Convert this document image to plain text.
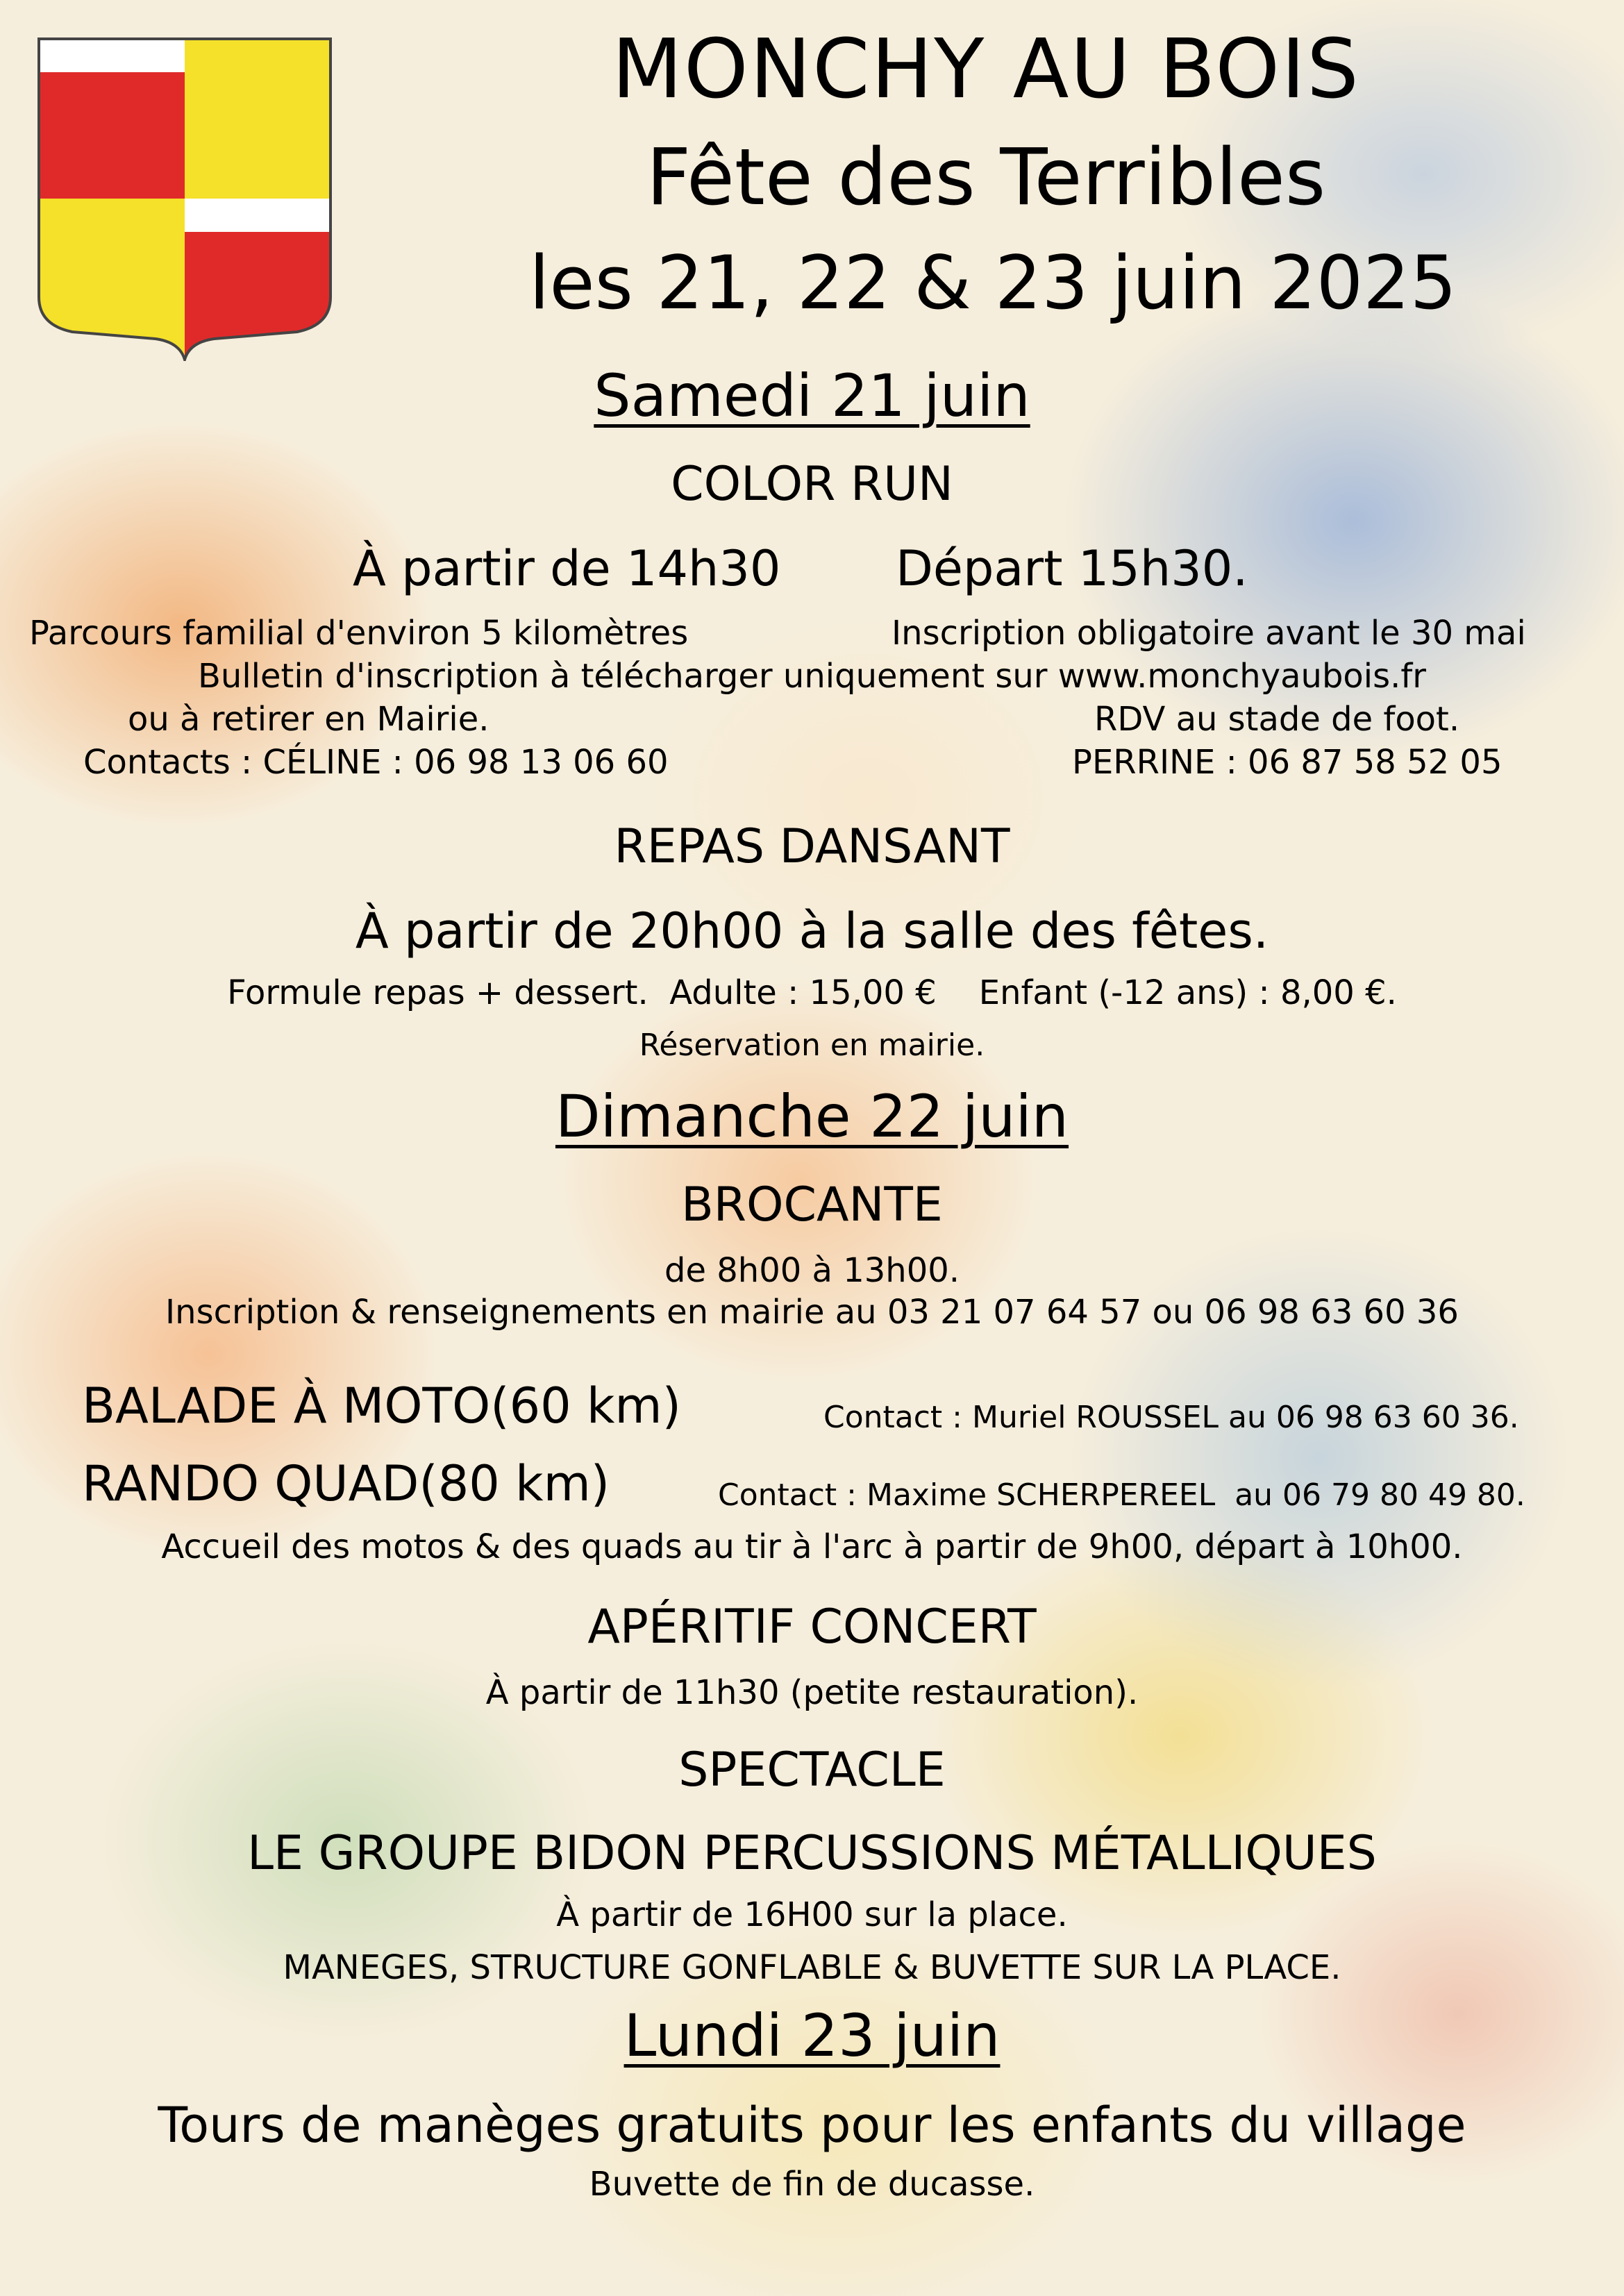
MONCHY AU BOIS
Fête des Terribles
les 21, 22 & 23 juin 2025
Samedi 21 juin
COLOR RUN
À partir de 14h30 Départ 15h30.
Parcours familial d'environ 5 kilomètres	Inscription obligatoire avant le 30 mai
Bulletin d'inscription à télécharger uniquement sur www.monchyaubois.fr
ou à retirer en Mairie.	RDV au stade de foot.
Contacts : CÉLINE : 06 98 13 06 60	PERRINE : 06 87 58 52 05
REPAS DANSANT
À partir de 20h00 à la salle des fêtes.
Formule repas + dessert.  Adulte : 15,00 €    Enfant (-12 ans) : 8,00 €.
Réservation en mairie.
Dimanche 22 juin
BROCANTE
de 8h00 à 13h00.
Inscription & renseignements en mairie au 03 21 07 64 57 ou 06 98 63 60 36
BALADE À MOTO(60 km)	Contact : Muriel ROUSSEL au 06 98 63 60 36.
RANDO QUAD(80 km)	Contact : Maxime SCHERPEREEL  au 06 79 80 49 80.
Accueil des motos & des quads au tir à l'arc à partir de 9h00, départ à 10h00.
APÉRITIF CONCERT
À partir de 11h30 (petite restauration).
SPECTACLE
LE GROUPE BIDON PERCUSSIONS MÉTALLIQUES
À partir de 16H00 sur la place.
MANEGES, STRUCTURE GONFLABLE & BUVETTE SUR LA PLACE.
Lundi 23 juin
Tours de manèges gratuits pour les enfants du village
Buvette de fin de ducasse.
